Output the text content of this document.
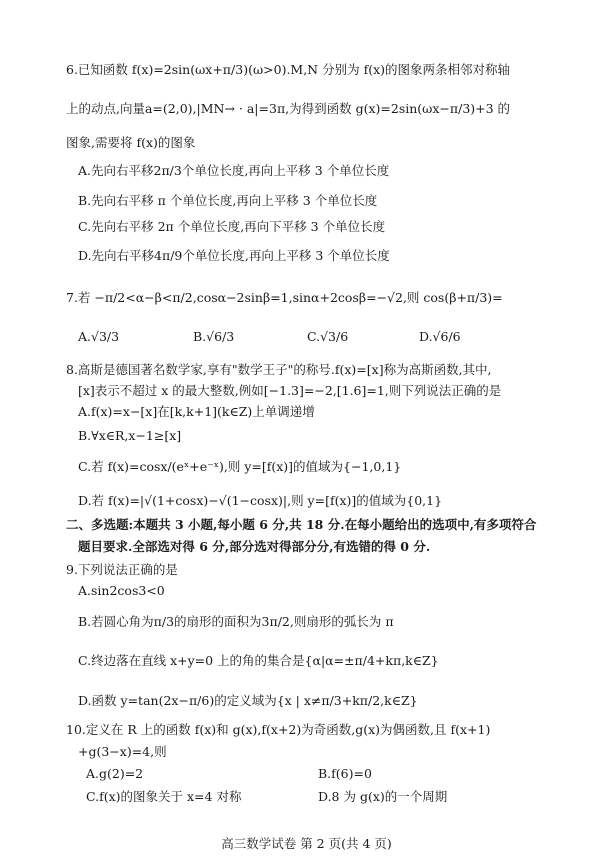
6.已知函数 f(x)=2sin(ωx+π/3)(ω>0).M,N 分别为 f(x)的图象两条相邻对称轴
上的动点,向量a=(2,0),|MN→ · a|=3π,为得到函数 g(x)=2sin(ωx−π/3)+3 的
图象,需要将 f(x)的图象
A.先向右平移2π/3个单位长度,再向上平移 3 个单位长度
B.先向右平移 π 个单位长度,再向上平移 3 个单位长度
C.先向右平移 2π 个单位长度,再向下平移 3 个单位长度
D.先向右平移4π/9个单位长度,再向上平移 3 个单位长度
7.若 −π/2<α−β<π/2,cosα−2sinβ=1,sinα+2cosβ=−√2,则 cos(β+π/3)=
A.√3/3	B.√6/3	C.√3/6	D.√6/6
8.高斯是德国著名数学家,享有"数学王子"的称号.f(x)=[x]称为高斯函数,其中,
[x]表示不超过 x 的最大整数,例如[−1.3]=−2,[1.6]=1,则下列说法正确的是
A.f(x)=x−[x]在[k,k+1](k∈Z)上单调递增
B.∀x∈R,x−1≥[x]
C.若 f(x)=cosx/(eˣ+e⁻ˣ),则 y=[f(x)]的值域为{−1,0,1}
D.若 f(x)=|√(1+cosx)−√(1−cosx)|,则 y=[f(x)]的值域为{0,1}
二、多选题:本题共 3 小题,每小题 6 分,共 18 分.在每小题给出的选项中,有多项符合
题目要求.全部选对得 6 分,部分选对得部分分,有选错的得 0 分.
9.下列说法正确的是
A.sin2cos3<0
B.若圆心角为π/3的扇形的面积为3π/2,则扇形的弧长为 π
C.终边落在直线 x+y=0 上的角的集合是{α|α=±π/4+kπ,k∈Z}
D.函数 y=tan(2x−π/6)的定义域为{x | x≠π/3+kπ/2,k∈Z}
10.定义在 R 上的函数 f(x)和 g(x),f(x+2)为奇函数,g(x)为偶函数,且 f(x+1)
+g(3−x)=4,则
A.g(2)=2	B.f(6)=0
C.f(x)的图象关于 x=4 对称	D.8 为 g(x)的一个周期
高三数学试卷 第 2 页(共 4 页)
